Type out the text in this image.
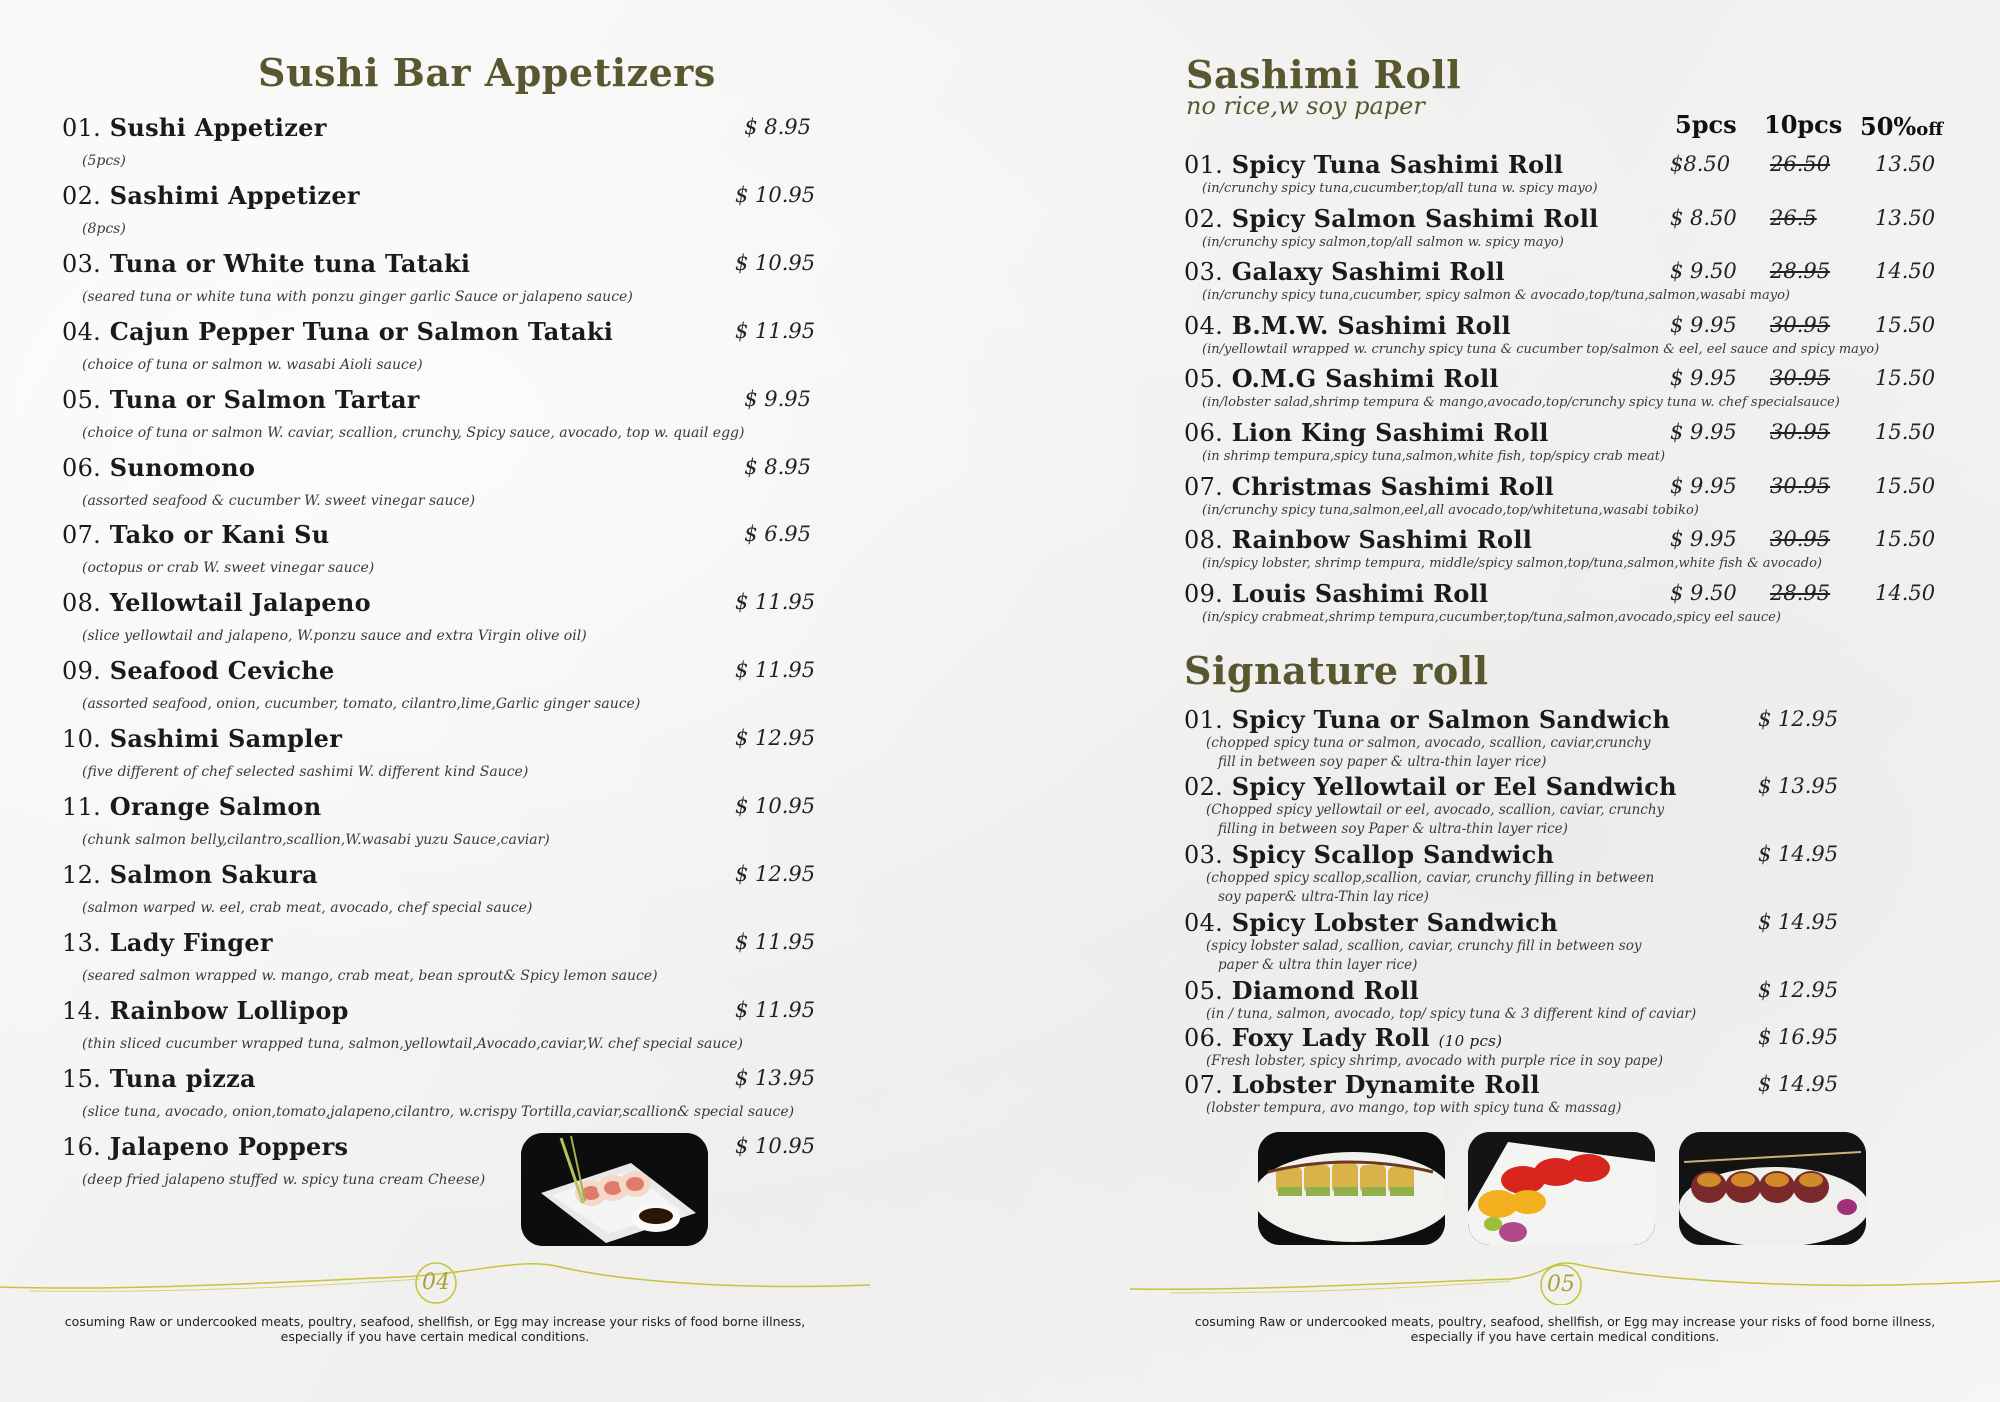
Sushi Bar Appetizers
01. Sushi Appetizer
(5pcs)
$ 8.95
02. Sashimi Appetizer
(8pcs)
$ 10.95
03. Tuna or White tuna Tataki
(seared tuna or white tuna with ponzu ginger garlic Sauce or jalapeno sauce)
$ 10.95
04. Cajun Pepper Tuna or Salmon Tataki
(choice of tuna or salmon w. wasabi Aioli sauce)
$ 11.95
05. Tuna or Salmon Tartar
(choice of tuna or salmon W. caviar, scallion, crunchy, Spicy sauce, avocado, top w. quail egg)
$ 9.95
06. Sunomono
(assorted seafood & cucumber W. sweet vinegar sauce)
$ 8.95
07. Tako or Kani Su
(octopus or crab W. sweet vinegar sauce)
$ 6.95
08. Yellowtail Jalapeno
(slice yellowtail and jalapeno, W.ponzu sauce and extra Virgin olive oil)
$ 11.95
09. Seafood Ceviche
(assorted seafood, onion, cucumber, tomato, cilantro,lime,Garlic ginger sauce)
$ 11.95
10. Sashimi Sampler
(five different of chef selected sashimi W. different kind Sauce)
$ 12.95
11. Orange Salmon
(chunk salmon belly,cilantro,scallion,W.wasabi yuzu Sauce,caviar)
$ 10.95
12. Salmon Sakura
(salmon warped w. eel, crab meat, avocado, chef special sauce)
$ 12.95
13. Lady Finger
(seared salmon wrapped w. mango, crab meat, bean sprout& Spicy lemon sauce)
$ 11.95
14. Rainbow Lollipop
(thin sliced cucumber wrapped tuna, salmon,yellowtail,Avocado,caviar,W. chef special sauce)
$ 11.95
15. Tuna pizza
(slice tuna, avocado, onion,tomato,jalapeno,cilantro, w.crispy Tortilla,caviar,scallion& special sauce)
$ 13.95
16. Jalapeno Poppers
(deep fried jalapeno stuffed w. spicy tuna cream Cheese)
$ 10.95
04
cosuming Raw or undercooked meats, poultry, seafood, shellfish, or Egg may increase your risks of food borne illness,
especially if you have certain medical conditions.
Sashimi Roll
no rice,w soy paper
5pcs 10pcs 50%off
01. Spicy Tuna Sashimi Roll
(in/crunchy spicy tuna,cucumber,top/all tuna w. spicy mayo)
$8.50 26.50 13.50
02. Spicy Salmon Sashimi Roll
(in/crunchy spicy salmon,top/all salmon w. spicy mayo)
$ 8.50 26.5	13.50
03. Galaxy Sashimi Roll
(in/crunchy spicy tuna,cucumber, spicy salmon & avocado,top/tuna,salmon,wasabi mayo)
$ 9.50 28.95 14.50
04. B.M.W. Sashimi Roll
(in/yellowtail wrapped w. crunchy spicy tuna & cucumber top/salmon & eel, eel sauce and spicy mayo)
$ 9.95 30.95 15.50
05. O.M.G Sashimi Roll
(in/lobster salad,shrimp tempura & mango,avocado,top/crunchy spicy tuna w. chef specialsauce)
$ 9.95 30.95 15.50
06. Lion King Sashimi Roll
(in shrimp tempura,spicy tuna,salmon,white fish, top/spicy crab meat)
$ 9.95 30.95 15.50
07. Christmas Sashimi Roll
(in/crunchy spicy tuna,salmon,eel,all avocado,top/whitetuna,wasabi tobiko)
$ 9.95 30.95 15.50
08. Rainbow Sashimi Roll
(in/spicy lobster, shrimp tempura, middle/spicy salmon,top/tuna,salmon,white fish & avocado)
$ 9.95 30.95 15.50
09. Louis Sashimi Roll
(in/spicy crabmeat,shrimp tempura,cucumber,top/tuna,salmon,avocado,spicy eel sauce)
$ 9.50 28.95 14.50
Signature roll
01. Spicy Tuna or Salmon Sandwich
(chopped spicy tuna or salmon, avocado, scallion, caviar,crunchy
fill in between soy paper & ultra-thin layer rice)
$ 12.95
02. Spicy Yellowtail or Eel Sandwich
(Chopped spicy yellowtail or eel, avocado, scallion, caviar, crunchy
filling in between soy Paper & ultra-thin layer rice)
$ 13.95
03. Spicy Scallop Sandwich
(chopped spicy scallop,scallion, caviar, crunchy filling in between
soy paper& ultra-Thin lay rice)
$ 14.95
04. Spicy Lobster Sandwich
(spicy lobster salad, scallion, caviar, crunchy fill in between soy
paper & ultra thin layer rice)
$ 14.95
05. Diamond Roll
(in / tuna, salmon, avocado, top/ spicy tuna & 3 different kind of caviar)
$ 12.95
06. Foxy Lady Roll (10 pcs)
(Fresh lobster, spicy shrimp, avocado with purple rice in soy pape)
$ 16.95
07. Lobster Dynamite Roll
(lobster tempura, avo mango, top with spicy tuna & massag)
$ 14.95
05
cosuming Raw or undercooked meats, poultry, seafood, shellfish, or Egg may increase your risks of food borne illness,
especially if you have certain medical conditions.
